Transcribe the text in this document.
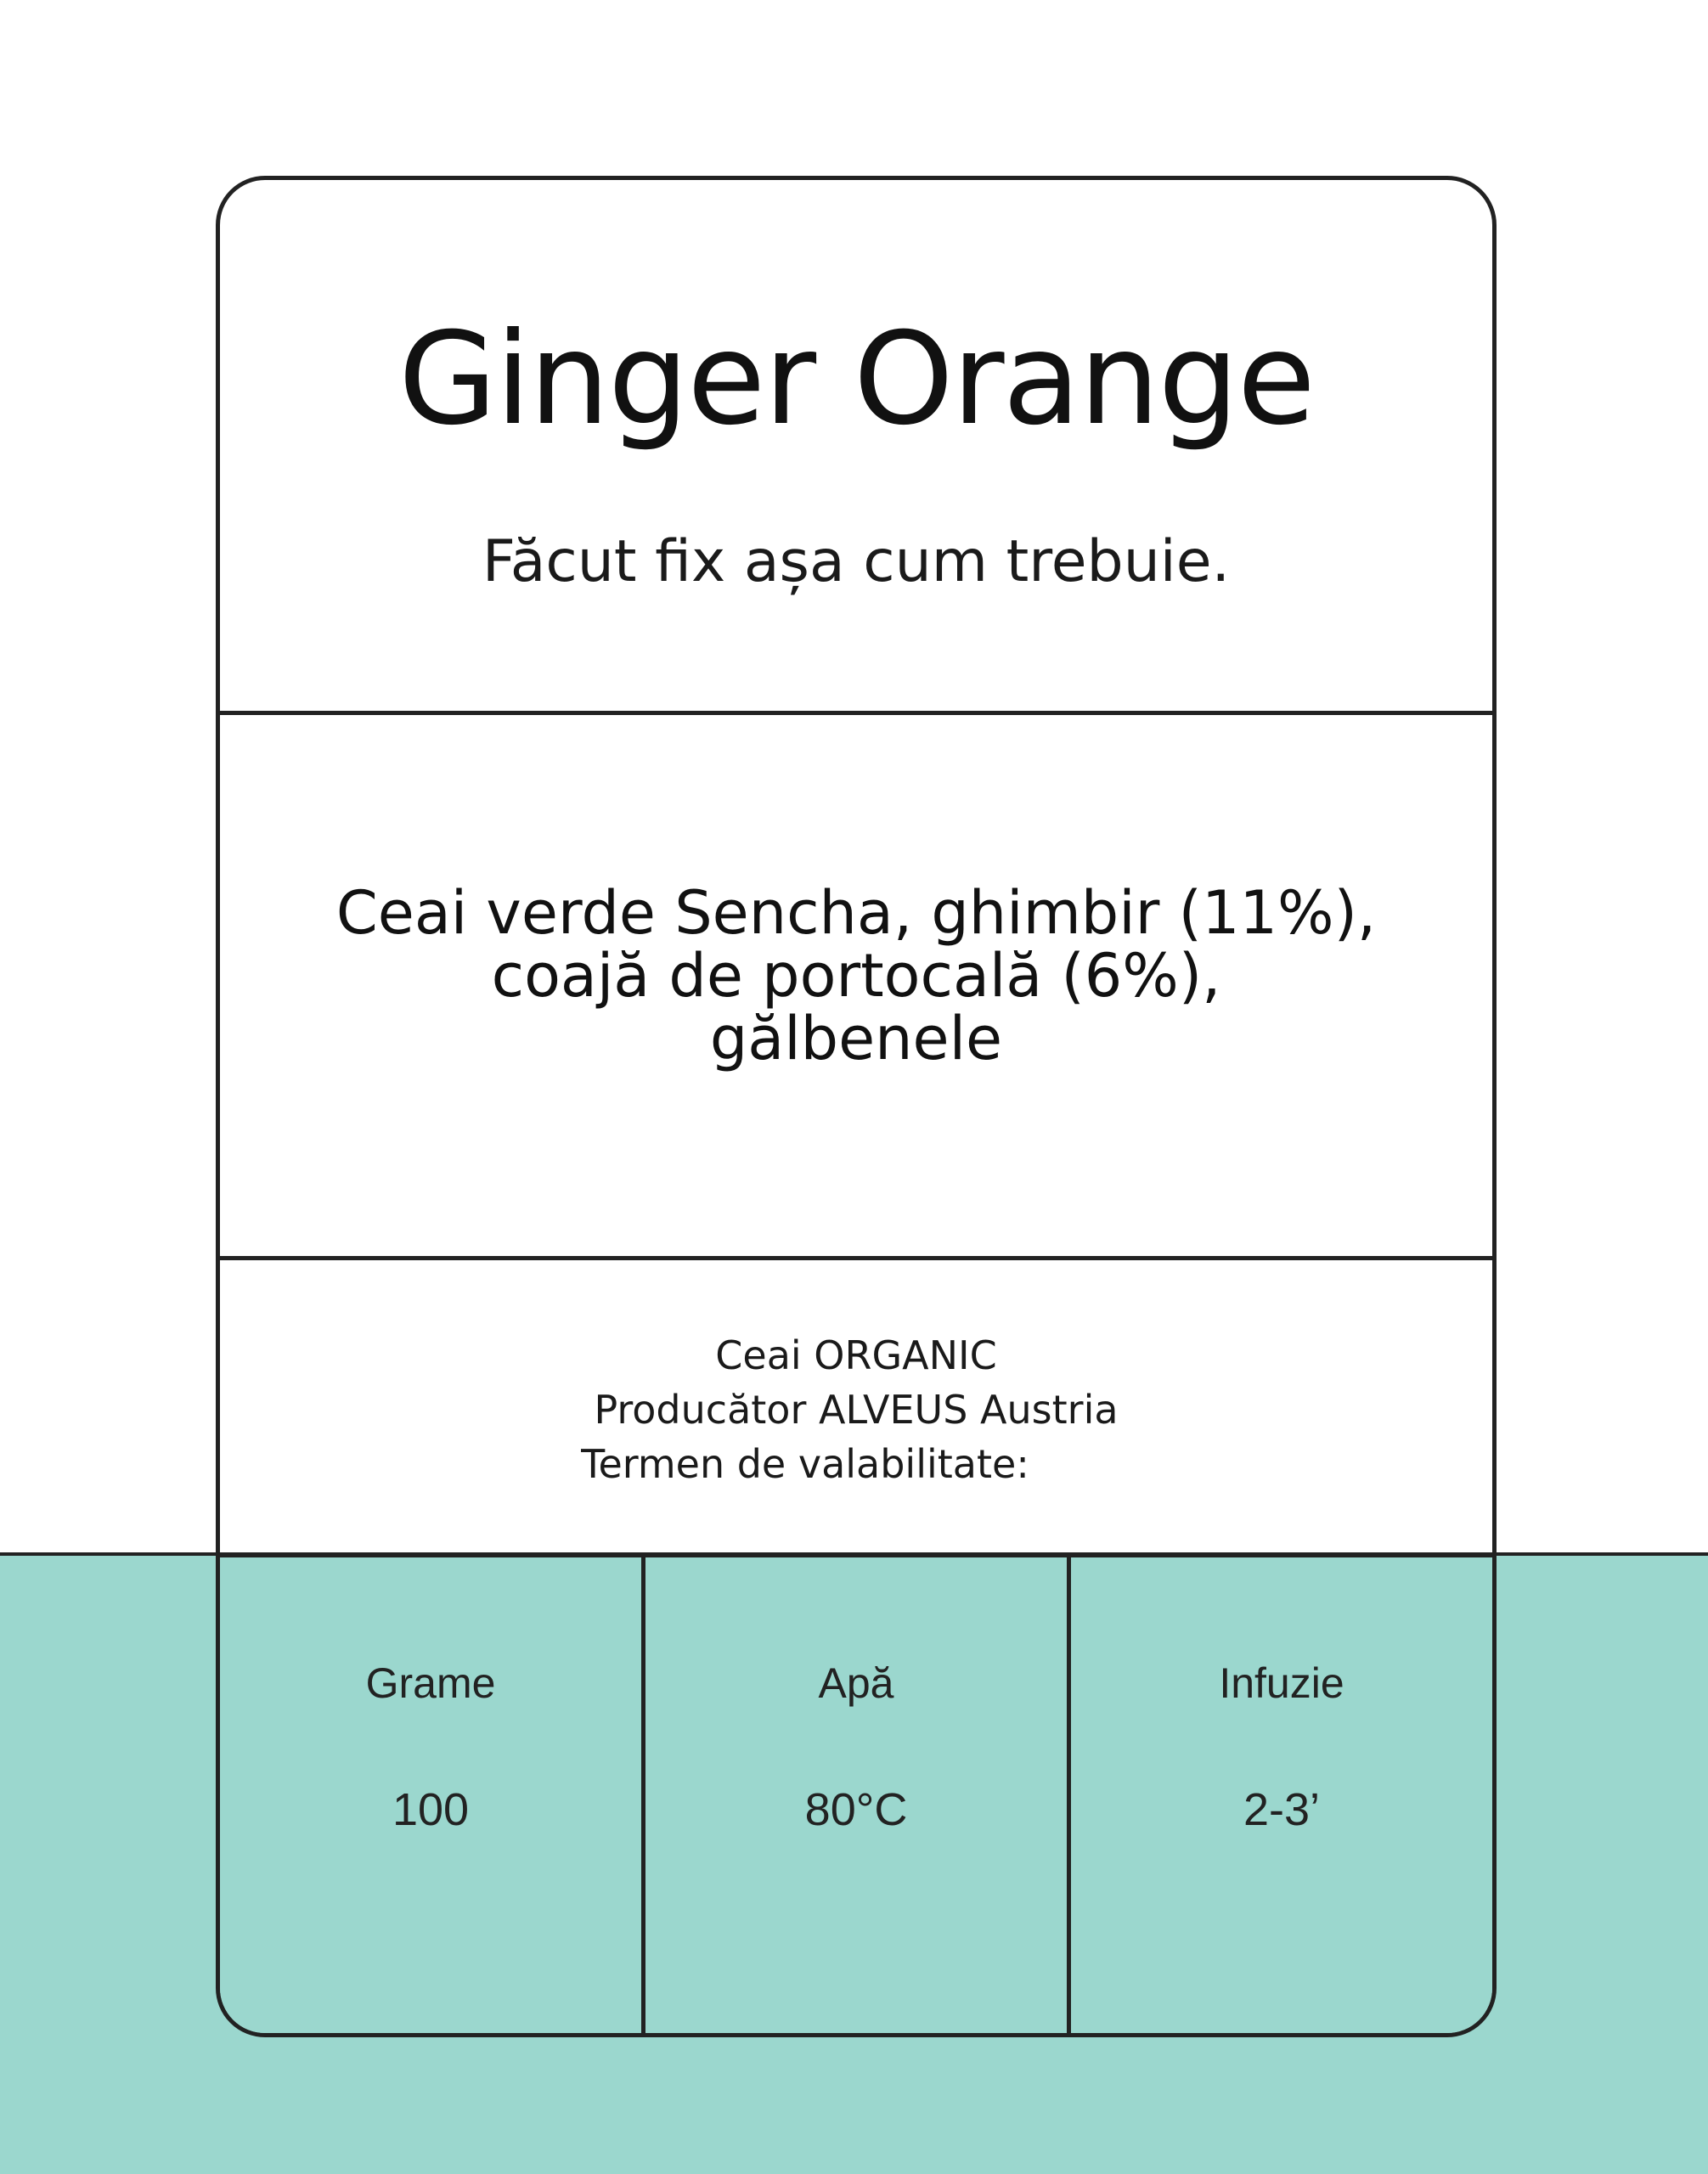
Ginger Orange

Făcut fix așa cum trebuie.

Ceai verde Sencha, ghimbir (11%),
coajă de portocală (6%),
gălbenele

Ceai ORGANIC
Producător ALVEUS Austria
Termen de valabilitate:
Grame
100
Apă
80°C
Infuzie
2-3’
